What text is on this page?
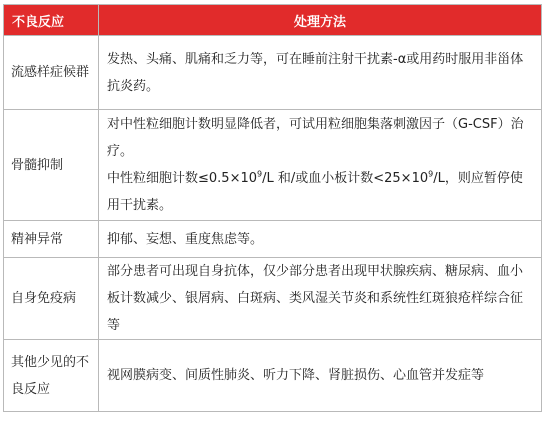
不良反应	处理方法
流感样症候群	发热、头痛、肌痛和乏力等，可在睡前注射干扰素-α或用药时服用非甾体抗炎药。
骨髓抑制	对中性粒细胞计数明显降低者，可试用粒细胞集落刺激因子（G-CSF）治疗。
中性粒细胞计数$\le 0.5\times 10^9/L$ 和/或血小板计数$<25\times 10^9/L$，则应暂停使用干扰素。
精神异常	抑郁、妄想、重度焦虑等。
自身免疫病	部分患者可出现自身抗体，仅少部分患者出现甲状腺疾病、糖尿病、血小板计数减少、银屑病、白斑病、类风湿关节炎和系统性红斑狼疮样综合征等
其他少见的不良反应	视网膜病变、间质性肺炎、听力下降、肾脏损伤、心血管并发症等
